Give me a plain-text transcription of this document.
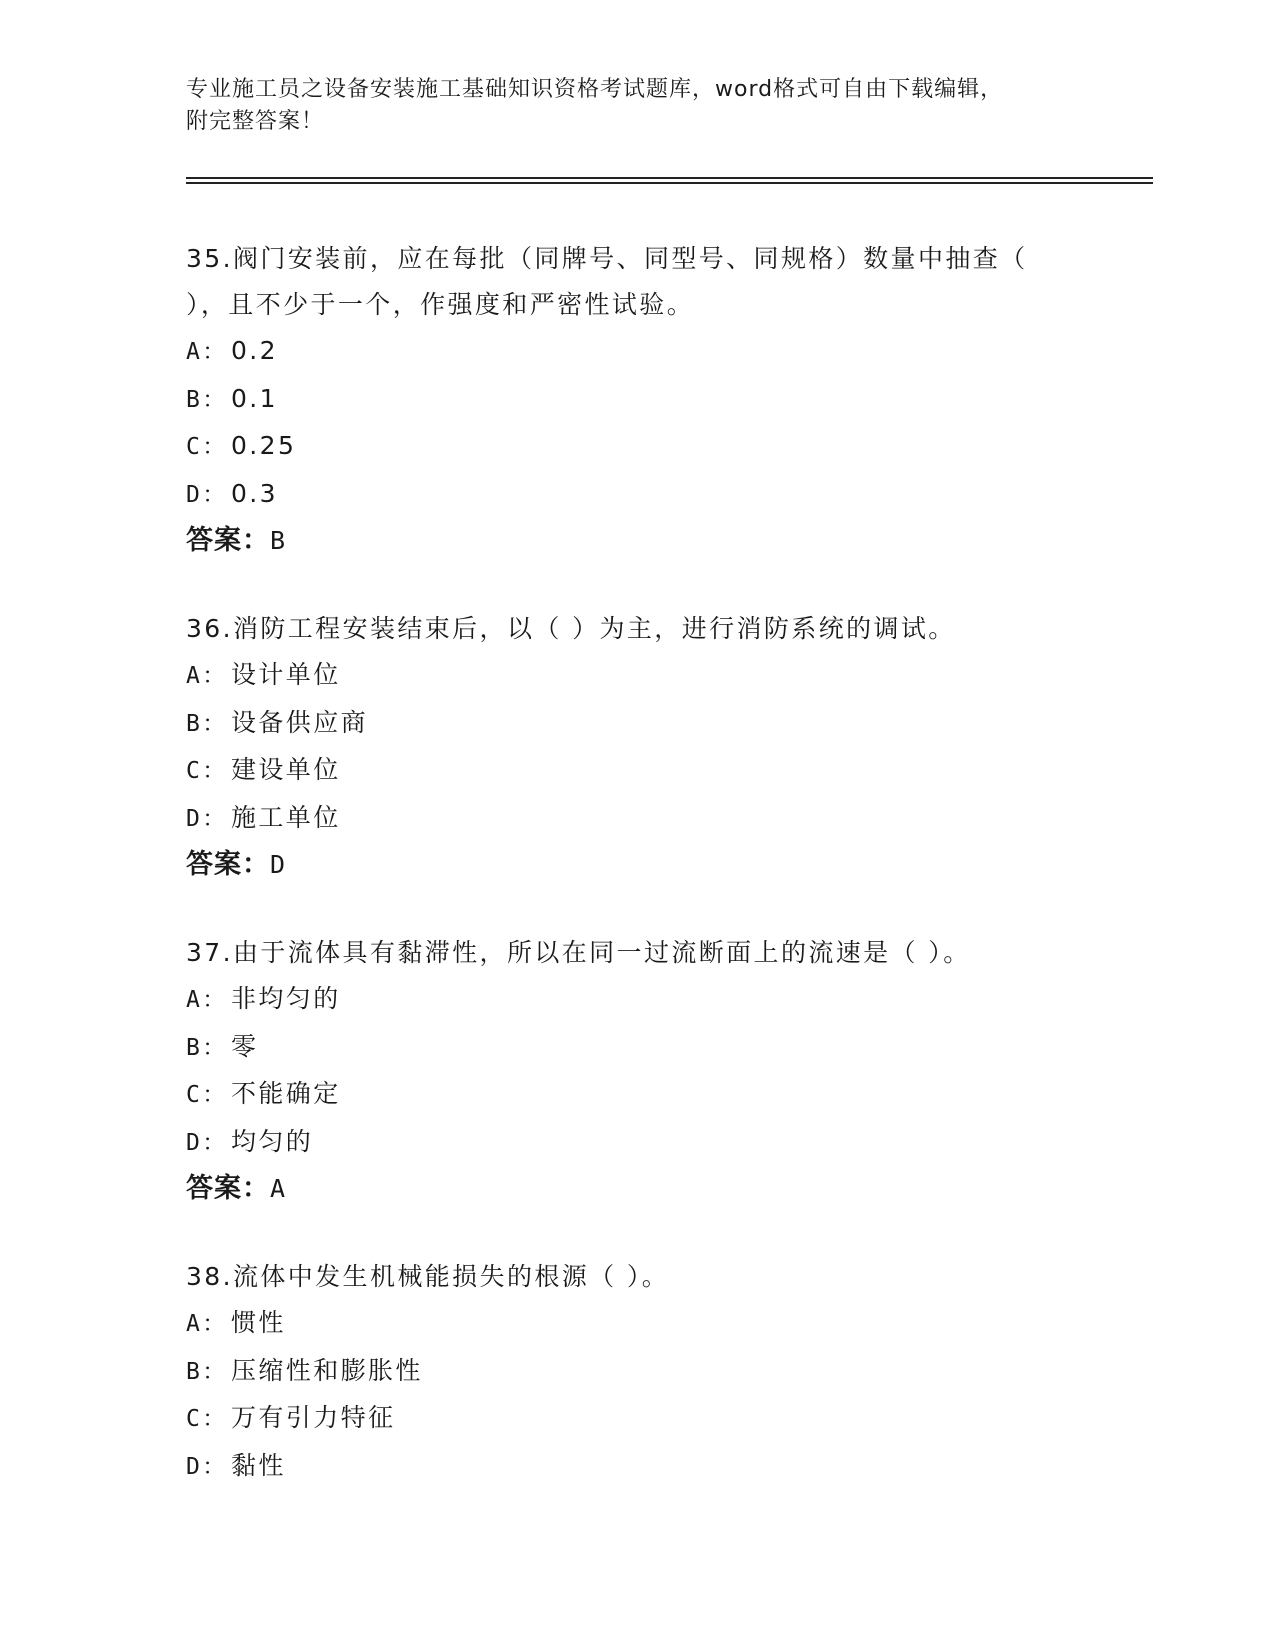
专业施工员之设备安装施工基础知识资格考试题库，word格式可自由下载编辑，
附完整答案！

35.阀门安装前，应在每批（同牌号、同型号、同规格）数量中抽查（ ），且不少于一个，作强度和严密性试验。

A： 0.2

B： 0.1

C： 0.25

D： 0.3

答案：B

36.消防工程安装结束后，以（ ）为主，进行消防系统的调试。

A： 设计单位

B： 设备供应商

C： 建设单位

D： 施工单位

答案：D

37.由于流体具有黏滞性，所以在同一过流断面上的流速是（ ）。

A： 非均匀的

B： 零

C： 不能确定

D： 均匀的

答案：A

38.流体中发生机械能损失的根源（ ）。

A： 惯性

B： 压缩性和膨胀性

C： 万有引力特征

D： 黏性
